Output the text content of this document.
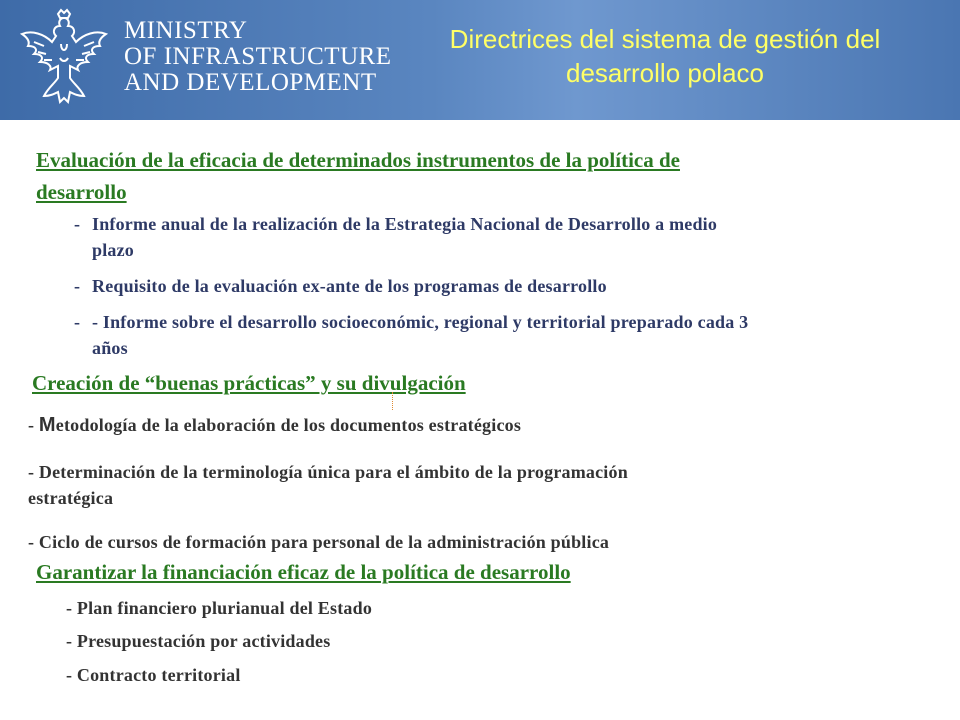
MINISTRY
OF INFRASTRUCTURE
AND DEVELOPMENT
Directrices del sistema de gestión del
desarrollo polaco
Evaluación de la eficacia de determinados instrumentos de la política de
desarrollo
- Informe anual de la realización de la Estrategia Nacional de Desarrollo a medio
plazo
- Requisito de la evaluación ex-ante de los programas de desarrollo
- - Informe sobre el desarrollo socioeconómic, regional y territorial preparado cada 3
años
Creación de “buenas prácticas” y su divulgación
- Metodología de la elaboración de los documentos estratégicos
- Determinación de la terminología única para el ámbito de la programación
estratégica
- Ciclo de cursos de formación para personal de la administración pública
Garantizar la financiación eficaz de la política de desarrollo
- Plan financiero plurianual del Estado
- Presupuestación por actividades
- Contracto territorial
